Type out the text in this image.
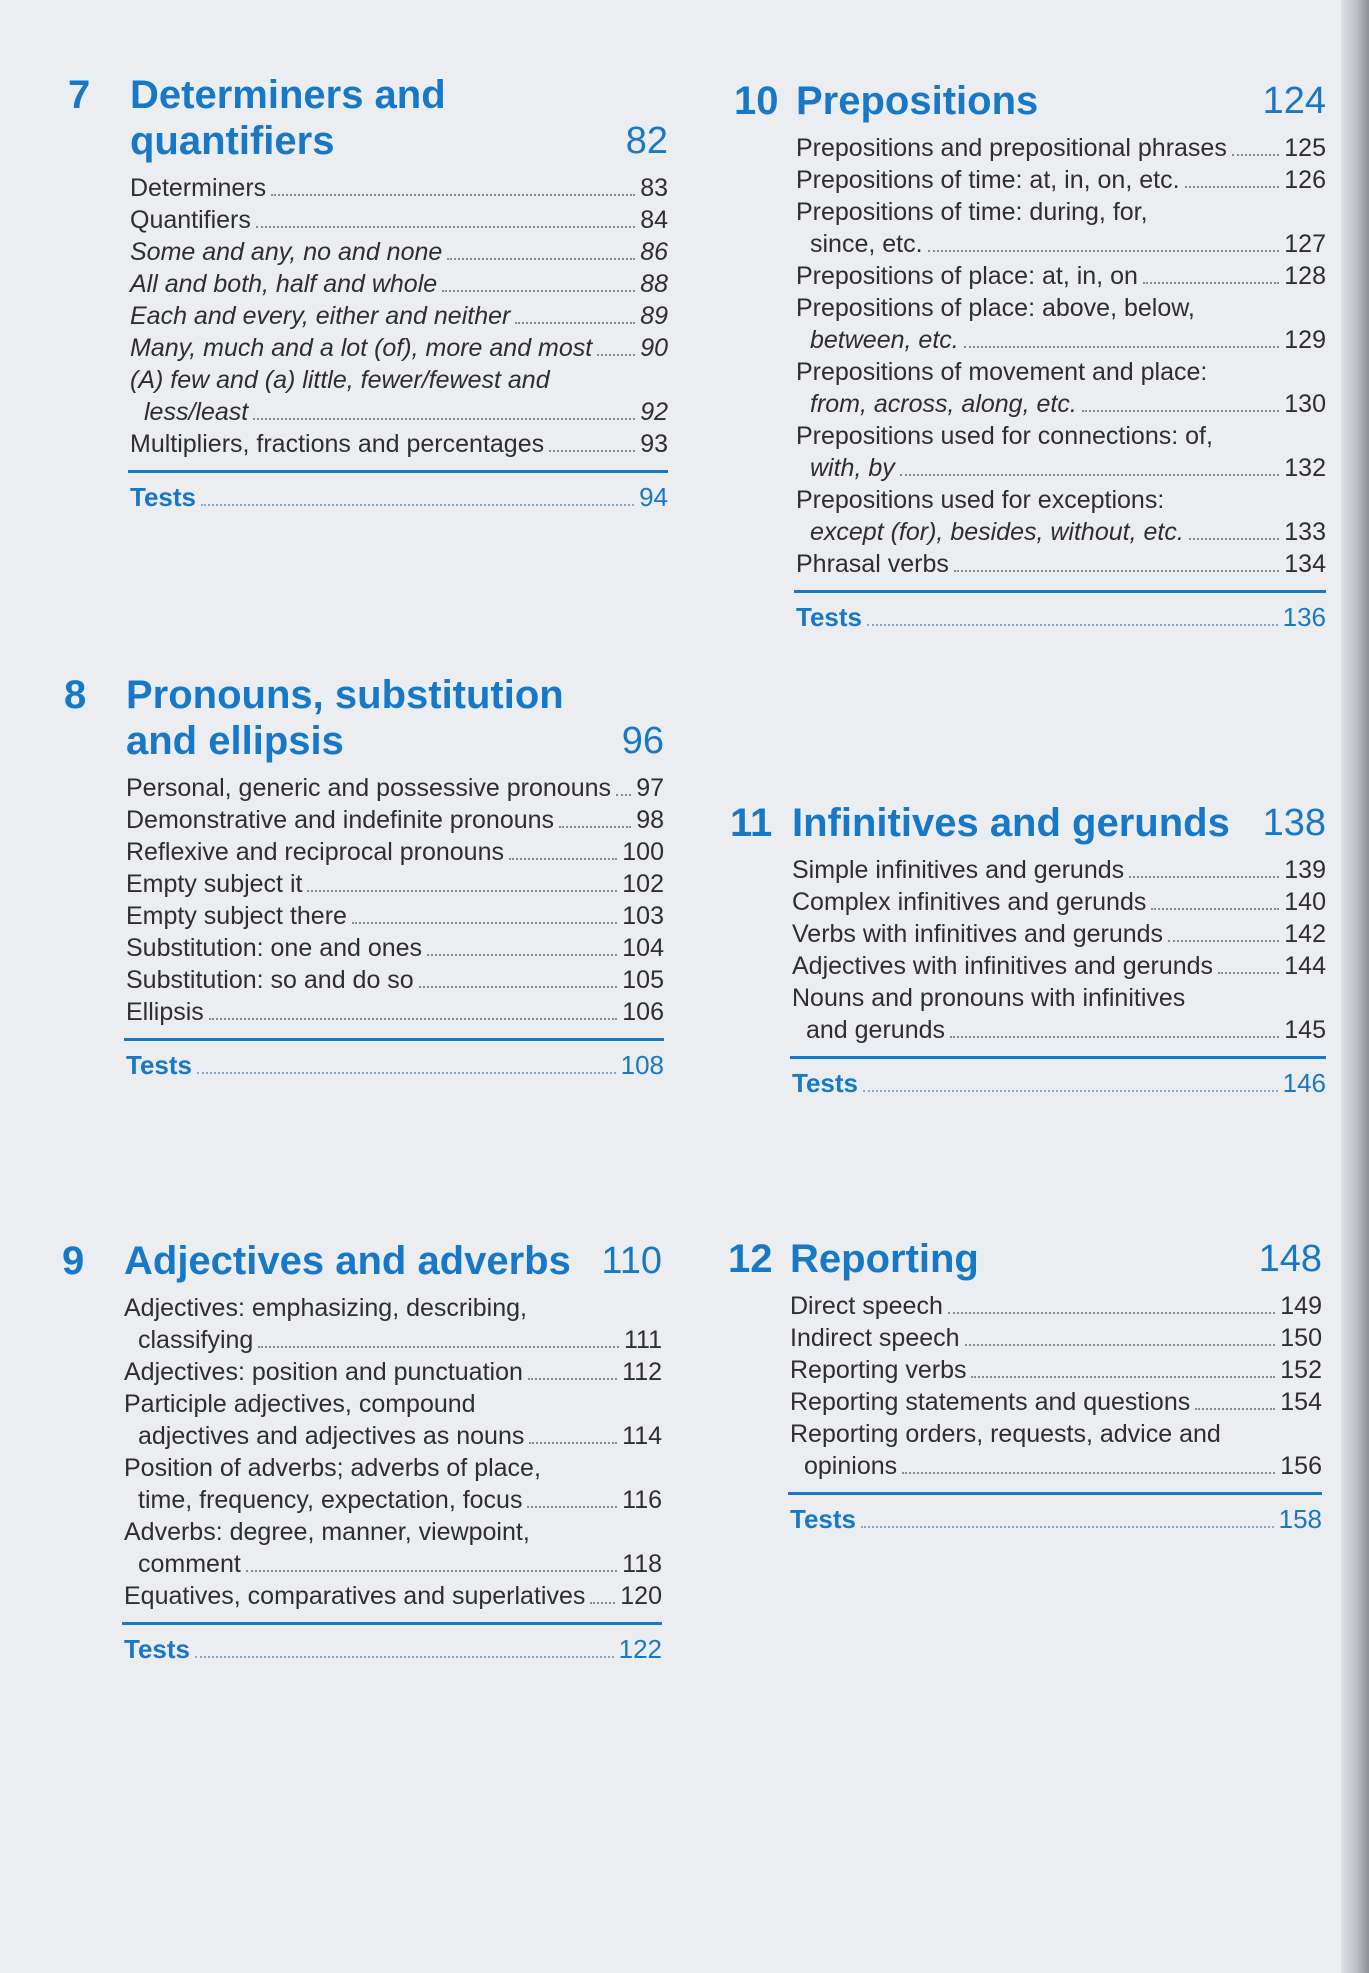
7 Determiners and
quantifiers	82
Determiners	83
Quantifiers	84
Some and any, no and none	86
All and both, half and whole	88
Each and every, either and neither	89
Many, much and a lot (of), more and most 90
(A) few and (a) little, fewer/fewest and
less/least	92
Multipliers, fractions and percentages	93
Tests	94
8 Pronouns, substitution
and ellipsis	96
Personal, generic and possessive pronouns 97
Demonstrative and indefinite pronouns	98
Reflexive and reciprocal pronouns	100
Empty subject it	102
Empty subject there	103
Substitution: one and ones	104
Substitution: so and do so	105
Ellipsis	106
Tests	108
9 Adjectives and adverbs 110
Adjectives: emphasizing, describing,
classifying	111
Adjectives: position and punctuation	112
Participle adjectives, compound
adjectives and adjectives as nouns	114
Position of adverbs; adverbs of place,
time, frequency, expectation, focus	116
Adverbs: degree, manner, viewpoint,
comment	118
Equatives, comparatives and superlatives 120
Tests	122
10 Prepositions	124
Prepositions and prepositional phrases 125
Prepositions of time: at, in, on, etc.	126
Prepositions of time: during, for,
since, etc.	127
Prepositions of place: at, in, on	128
Prepositions of place: above, below,
between, etc.	129
Prepositions of movement and place:
from, across, along, etc.	130
Prepositions used for connections: of,
with, by	132
Prepositions used for exceptions:
except (for), besides, without, etc.	133
Phrasal verbs	134
Tests	136
11 Infinitives and gerunds 138
Simple infinitives and gerunds	139
Complex infinitives and gerunds	140
Verbs with infinitives and gerunds	142
Adjectives with infinitives and gerunds	144
Nouns and pronouns with infinitives
and gerunds	145
Tests	146
12 Reporting	148
Direct speech	149
Indirect speech	150
Reporting verbs	152
Reporting statements and questions	154
Reporting orders, requests, advice and
opinions	156
Tests	158
